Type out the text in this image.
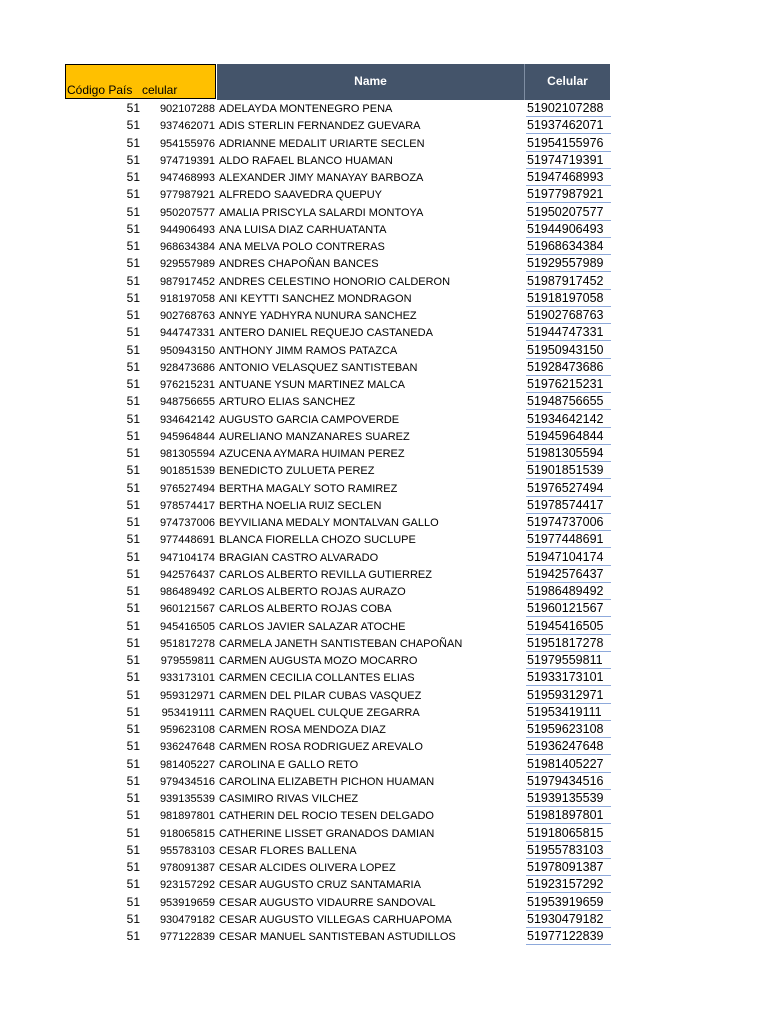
Código País celular
Name	Celular
51	902107288 ADELAYDA MONTENEGRO PENA	51902107288
51	937462071 ADIS STERLIN FERNANDEZ GUEVARA	51937462071
51	954155976 ADRIANNE MEDALIT URIARTE SECLEN	51954155976
51	974719391 ALDO RAFAEL BLANCO HUAMAN	51974719391
51	947468993 ALEXANDER JIMY MANAYAY BARBOZA	51947468993
51	977987921 ALFREDO SAAVEDRA QUEPUY	51977987921
51	950207577 AMALIA PRISCYLA SALARDI MONTOYA	51950207577
51	944906493 ANA LUISA DIAZ CARHUATANTA	51944906493
51	968634384 ANA MELVA POLO CONTRERAS	51968634384
51	929557989 ANDRES CHAPOÑAN BANCES	51929557989
51	987917452 ANDRES CELESTINO HONORIO CALDERON	51987917452
51	918197058 ANI KEYTTI SANCHEZ MONDRAGON	51918197058
51	902768763 ANNYE YADHYRA NUNURA SANCHEZ	51902768763
51	944747331 ANTERO DANIEL REQUEJO CASTANEDA	51944747331
51	950943150 ANTHONY JIMM RAMOS PATAZCA	51950943150
51	928473686 ANTONIO VELASQUEZ SANTISTEBAN	51928473686
51	976215231 ANTUANE YSUN MARTINEZ MALCA	51976215231
51	948756655 ARTURO ELIAS SANCHEZ	51948756655
51	934642142 AUGUSTO GARCIA CAMPOVERDE	51934642142
51	945964844 AURELIANO MANZANARES SUAREZ	51945964844
51	981305594 AZUCENA AYMARA HUIMAN PEREZ	51981305594
51	901851539 BENEDICTO ZULUETA PEREZ	51901851539
51	976527494 BERTHA MAGALY SOTO RAMIREZ	51976527494
51	978574417 BERTHA NOELIA RUIZ SECLEN	51978574417
51	974737006 BEYVILIANA MEDALY MONTALVAN GALLO	51974737006
51	977448691 BLANCA FIORELLA CHOZO SUCLUPE	51977448691
51	947104174 BRAGIAN CASTRO ALVARADO	51947104174
51	942576437 CARLOS ALBERTO REVILLA GUTIERREZ	51942576437
51	986489492 CARLOS ALBERTO ROJAS AURAZO	51986489492
51	960121567 CARLOS ALBERTO ROJAS COBA	51960121567
51	945416505 CARLOS JAVIER SALAZAR ATOCHE	51945416505
51	951817278 CARMELA JANETH SANTISTEBAN CHAPOÑAN	51951817278
51	979559811 CARMEN AUGUSTA MOZO MOCARRO	51979559811
51	933173101 CARMEN CECILIA COLLANTES ELIAS	51933173101
51	959312971 CARMEN DEL PILAR CUBAS VASQUEZ	51959312971
51	953419111 CARMEN RAQUEL CULQUE ZEGARRA	51953419111
51	959623108 CARMEN ROSA MENDOZA DIAZ	51959623108
51	936247648 CARMEN ROSA RODRIGUEZ AREVALO	51936247648
51	981405227 CAROLINA E GALLO RETO	51981405227
51	979434516 CAROLINA ELIZABETH PICHON HUAMAN	51979434516
51	939135539 CASIMIRO RIVAS VILCHEZ	51939135539
51	981897801 CATHERIN DEL ROCIO TESEN DELGADO	51981897801
51	918065815 CATHERINE LISSET GRANADOS DAMIAN	51918065815
51	955783103 CESAR FLORES BALLENA	51955783103
51	978091387 CESAR ALCIDES OLIVERA LOPEZ	51978091387
51	923157292 CESAR AUGUSTO CRUZ SANTAMARIA	51923157292
51	953919659 CESAR AUGUSTO VIDAURRE SANDOVAL	51953919659
51	930479182 CESAR AUGUSTO VILLEGAS CARHUAPOMA	51930479182
51	977122839 CESAR MANUEL SANTISTEBAN ASTUDILLOS	51977122839
